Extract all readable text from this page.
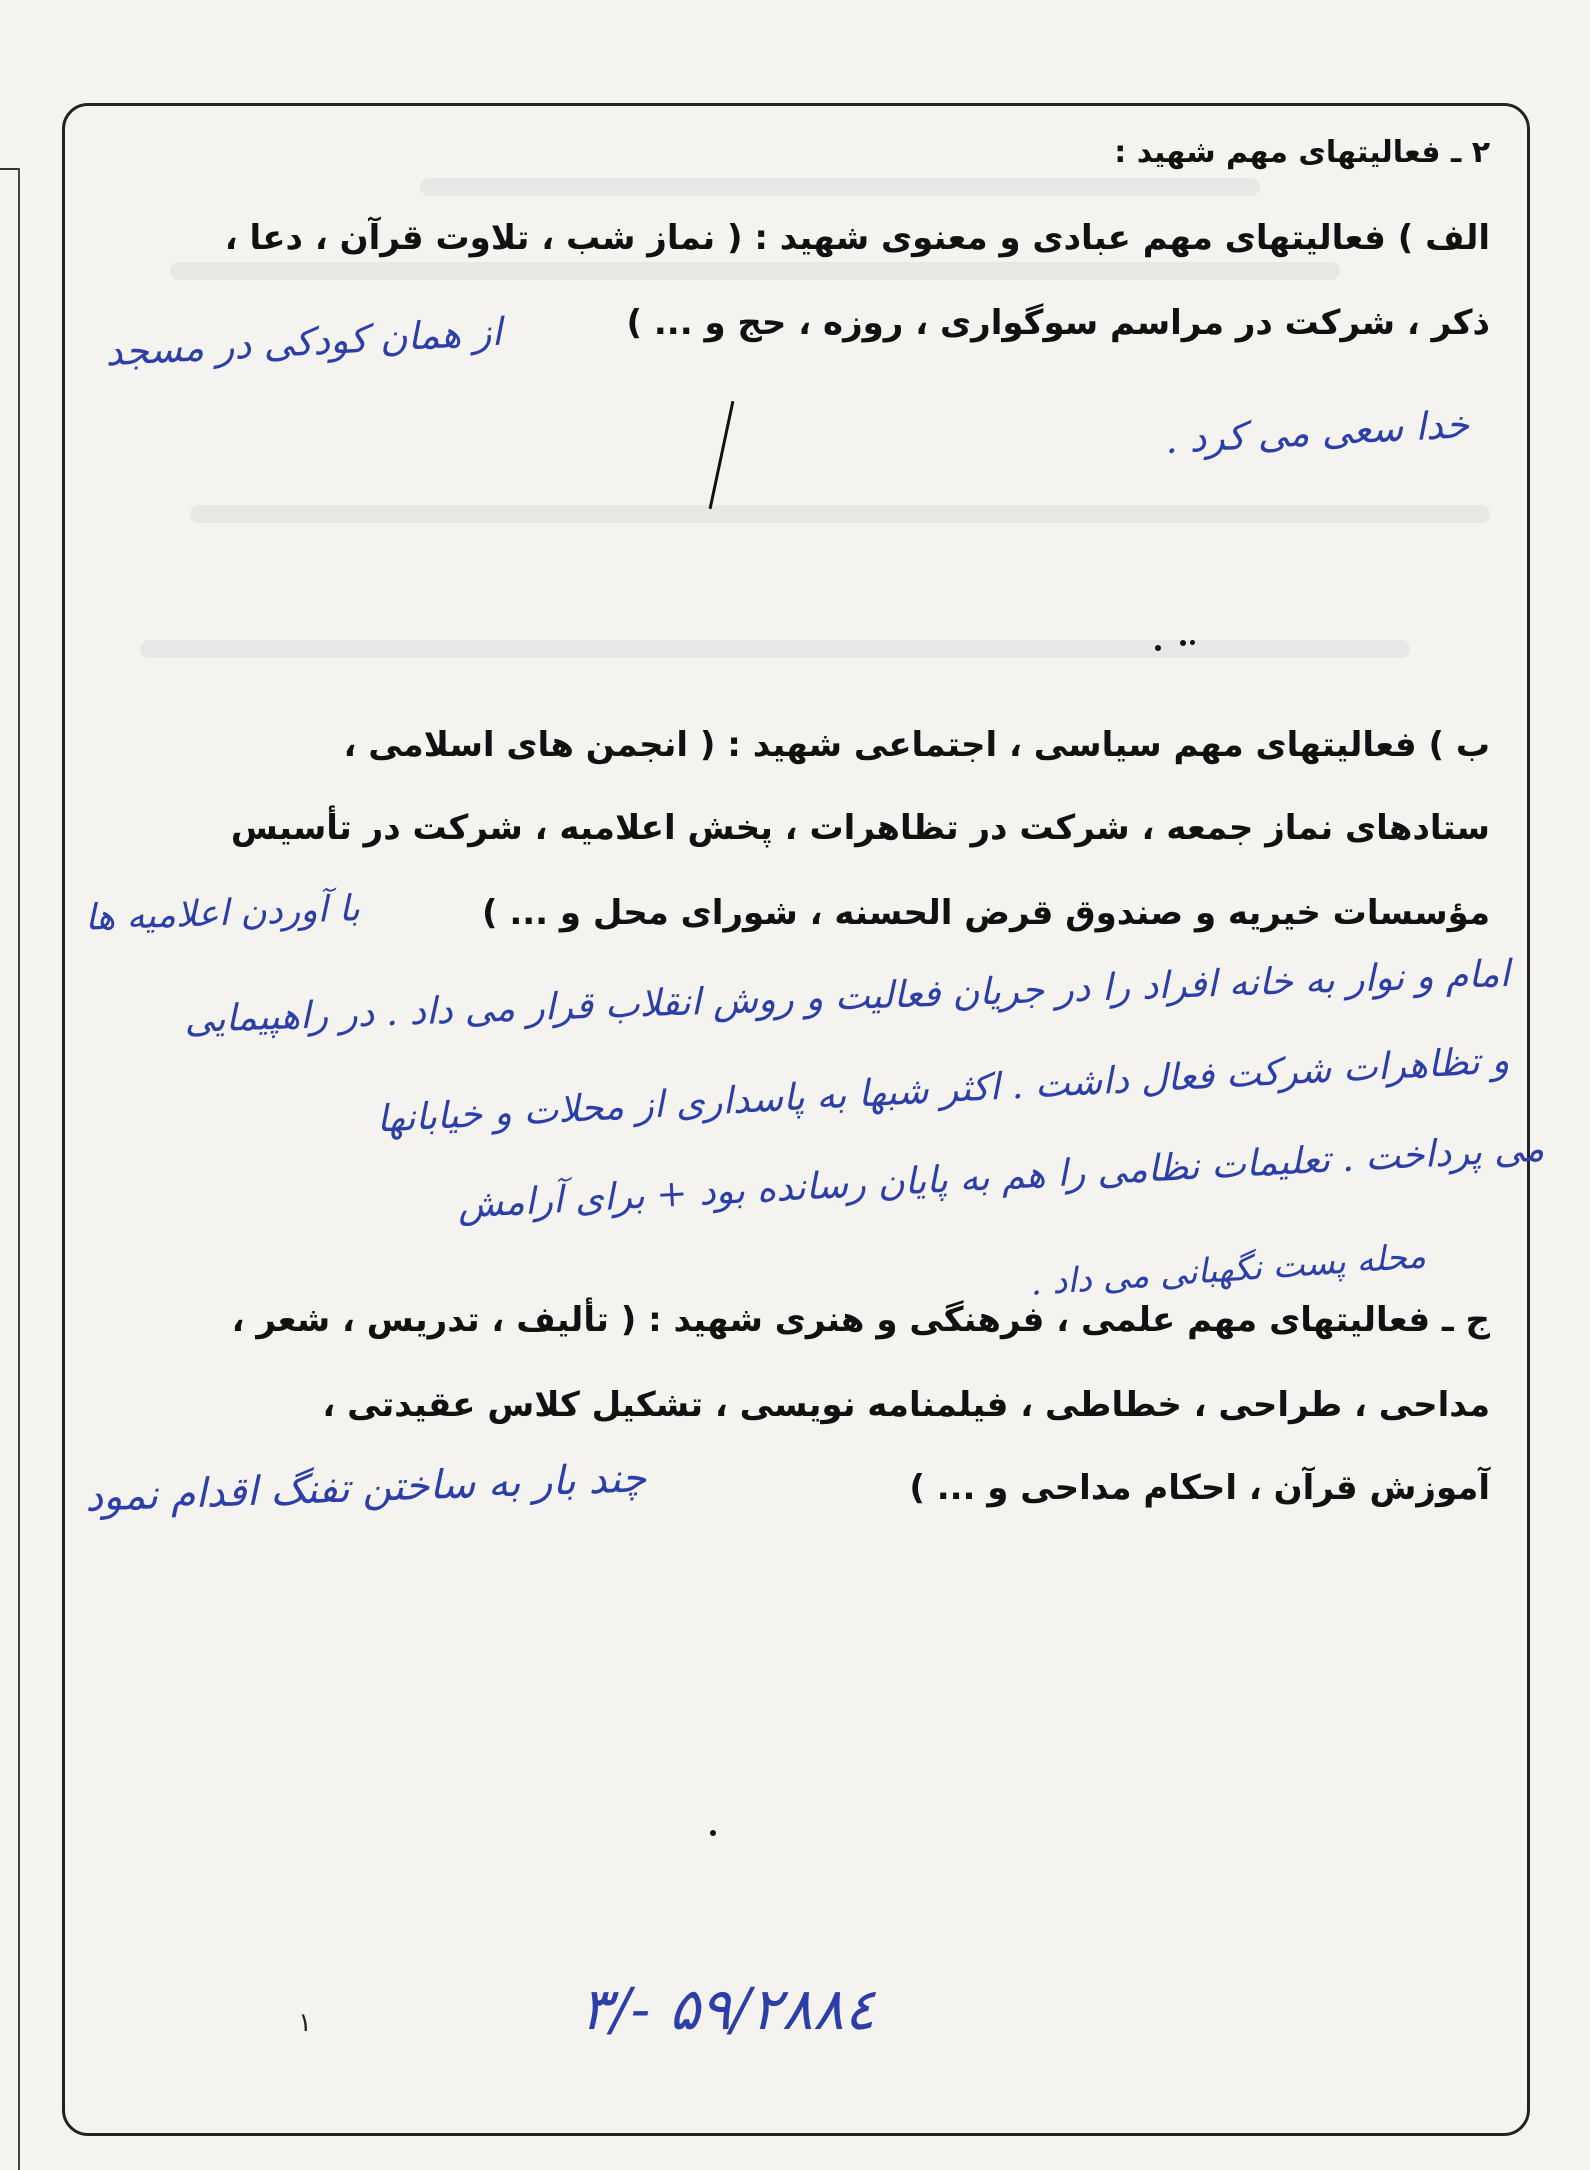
۲ ـ فعالیتهای مهم شهید :
الف ) فعالیتهای مهم عبادی و معنوی شهید : ( نماز شب ، تلاوت قرآن ، دعا ،
ذکر ، شرکت در مراسم سوگواری ، روزه ، حج و ... )
از همان کودکی در مسجد
خدا سعی می کرد .
ب ) فعالیتهای مهم سیاسی ، اجتماعی شهید : ( انجمن های اسلامی ،
ستادهای نماز جمعه ، شرکت در تظاهرات ، پخش اعلامیه ، شرکت در تأسیس
مؤسسات خیریه و صندوق قرض الحسنه ، شورای محل و ... )
با آوردن اعلامیه ها
امام و نوار به خانه افراد را در جریان فعالیت و روش انقلاب قرار می داد . در راهپیمایی
و تظاهرات شرکت فعال داشت . اکثر شبها به پاسداری از محلات و خیابانها
می پرداخت . تعلیمات نظامی را هم به پایان رسانده بود + برای آرامش
محله پست نگهبانی می داد .
ج ـ فعالیتهای مهم علمی ، فرهنگی و هنری شهید : ( تألیف ، تدریس ، شعر ،
مداحی ، طراحی ، خطاطی ، فیلمنامه نویسی ، تشکیل کلاس عقیدتی ،
آموزش قرآن ، احکام مداحی و ... )
چند بار به ساختن تفنگ اقدام نمود
۳/- ۵۹/۲۸۸٤
۱
